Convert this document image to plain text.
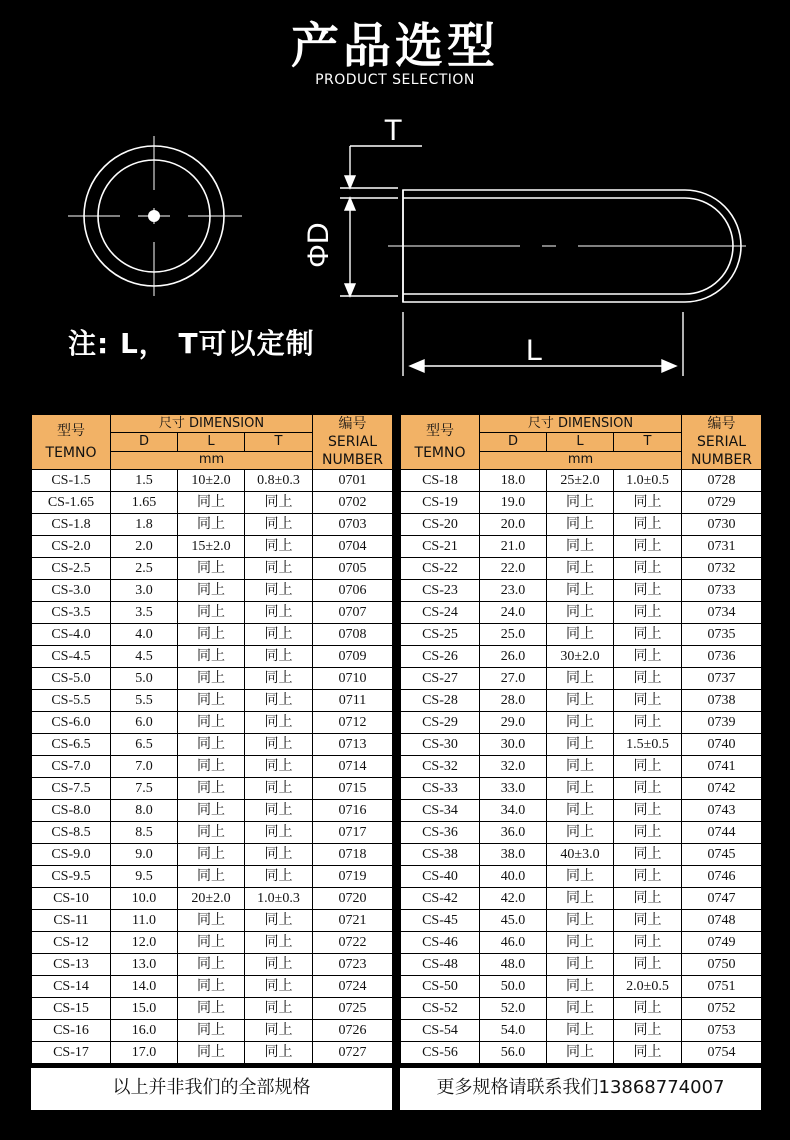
产品选型
PRODUCT SELECTION
T
ΦD
L
注: L， T可以定制
型号
TEMNO	尺寸 DIMENSION			编号
SERIAL
NUMBER
	D	L	T	
	mm			
CS-1.5	1.5	10±2.0	0.8±0.3	0701
CS-1.65	1.65	同上	同上	0702
CS-1.8	1.8	同上	同上	0703
CS-2.0	2.0	15±2.0	同上	0704
CS-2.5	2.5	同上	同上	0705
CS-3.0	3.0	同上	同上	0706
CS-3.5	3.5	同上	同上	0707
CS-4.0	4.0	同上	同上	0708
CS-4.5	4.5	同上	同上	0709
CS-5.0	5.0	同上	同上	0710
CS-5.5	5.5	同上	同上	0711
CS-6.0	6.0	同上	同上	0712
CS-6.5	6.5	同上	同上	0713
CS-7.0	7.0	同上	同上	0714
CS-7.5	7.5	同上	同上	0715
CS-8.0	8.0	同上	同上	0716
CS-8.5	8.5	同上	同上	0717
CS-9.0	9.0	同上	同上	0718
CS-9.5	9.5	同上	同上	0719
CS-10	10.0	20±2.0	1.0±0.3	0720
CS-11	11.0	同上	同上	0721
CS-12	12.0	同上	同上	0722
CS-13	13.0	同上	同上	0723
CS-14	14.0	同上	同上	0724
CS-15	15.0	同上	同上	0725
CS-16	16.0	同上	同上	0726
CS-17	17.0	同上	同上	0727
以上并非我们的全部规格
型号
TEMNO	尺寸 DIMENSION			编号
SERIAL
NUMBER
	D	L	T	
	mm			
CS-18	18.0	25±2.0	1.0±0.5	0728
CS-19	19.0	同上	同上	0729
CS-20	20.0	同上	同上	0730
CS-21	21.0	同上	同上	0731
CS-22	22.0	同上	同上	0732
CS-23	23.0	同上	同上	0733
CS-24	24.0	同上	同上	0734
CS-25	25.0	同上	同上	0735
CS-26	26.0	30±2.0	同上	0736
CS-27	27.0	同上	同上	0737
CS-28	28.0	同上	同上	0738
CS-29	29.0	同上	同上	0739
CS-30	30.0	同上	1.5±0.5	0740
CS-32	32.0	同上	同上	0741
CS-33	33.0	同上	同上	0742
CS-34	34.0	同上	同上	0743
CS-36	36.0	同上	同上	0744
CS-38	38.0	40±3.0	同上	0745
CS-40	40.0	同上	同上	0746
CS-42	42.0	同上	同上	0747
CS-45	45.0	同上	同上	0748
CS-46	46.0	同上	同上	0749
CS-48	48.0	同上	同上	0750
CS-50	50.0	同上	2.0±0.5	0751
CS-52	52.0	同上	同上	0752
CS-54	54.0	同上	同上	0753
CS-56	56.0	同上	同上	0754
更多规格请联系我们13868774007
